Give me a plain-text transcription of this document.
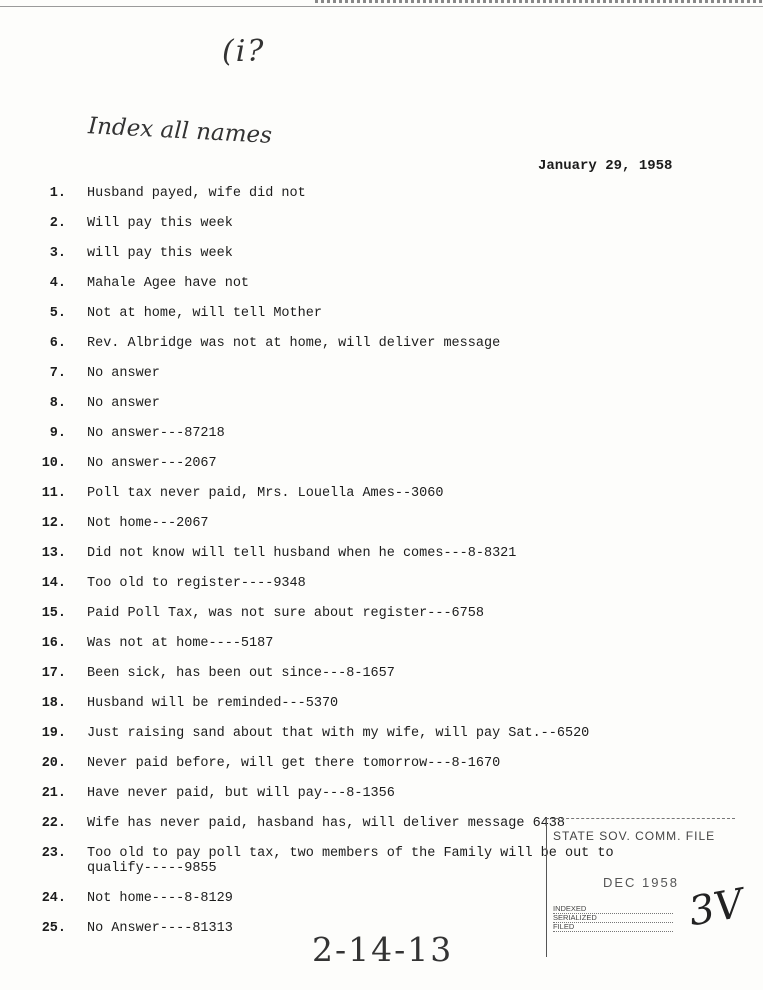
(i?
Index all names
January 29, 1958
1. Husband payed, wife did not
2. Will pay this week
3. will pay this week
4. Mahale Agee have not
5. Not at home, will tell Mother
6. Rev. Albridge was not at home, will deliver message
7. No answer
8. No answer
9. No answer---87218
10. No answer---2067
11. Poll tax never paid, Mrs. Louella Ames--3060
12. Not home---2067
13. Did not know will tell husband when he comes---8-8321
14. Too old to register----9348
15. Paid Poll Tax, was not sure about register---6758
16. Was not at home----5187
17. Been sick, has been out since---8-1657
18. Husband will be reminded---5370
19. Just raising sand about that with my wife, will pay Sat.--6520
20. Never paid before, will get there tomorrow---8-1670
21. Have never paid, but will pay---8-1356
22. Wife has never paid, hasband has, will deliver message 6438
23. Too old to pay poll tax, two members of the Family will be out to
qualify-----9855
24. Not home----8-8129
25. No Answer----81313
STATE SOV. COMM. FILE
DEC 1958
INDEXED
SERIALIZED
FILED	3V
2-14-13
